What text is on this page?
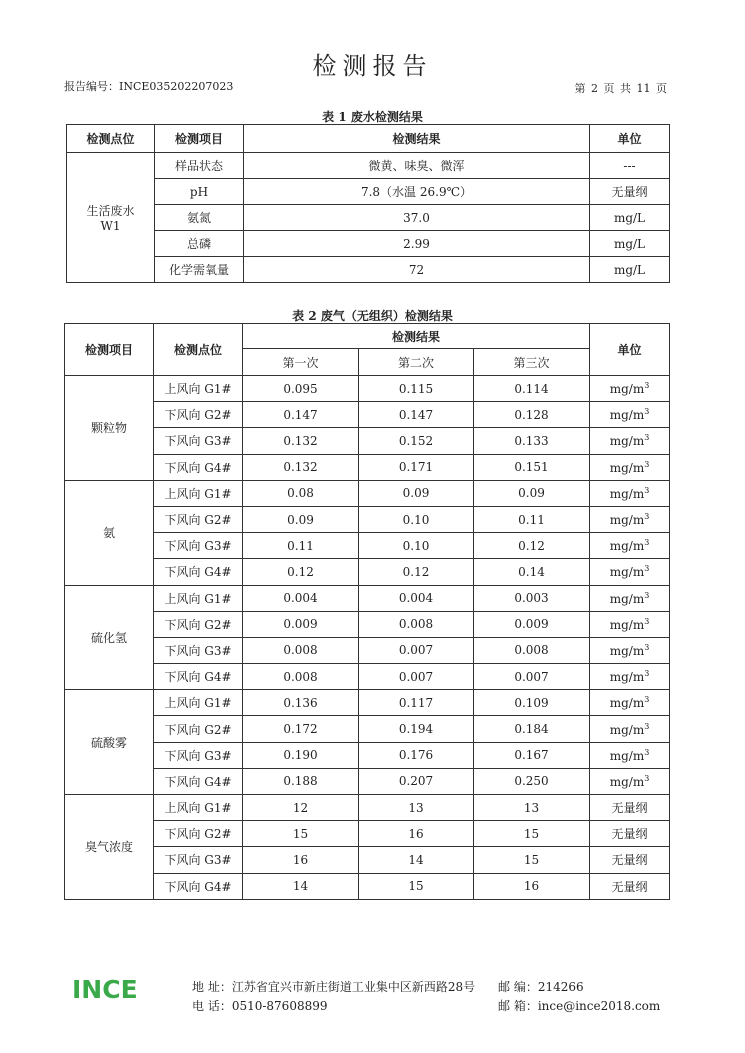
检测报告
报告编号：INCE035202207023	第 2 页 共 11 页
表 1 废水检测结果
检测点位	检测项目	检测结果	单位

生活废水
W1	样品状态	微黄、味臭、微浑	---
	pH	7.8（水温 26.9℃）	无量纲
	氨氮	37.0	mg/L
	总磷	2.99	mg/L
	化学需氧量	72	mg/L
表 2 废气（无组织）检测结果
检测项目	检测点位	检测结果			单位
		第一次	第二次	第三次	
颗粒物	上风向 G1#	0.095	0.115	0.114	$mg/m^3$
	下风向 G2#	0.147	0.147	0.128	$mg/m^3$
	下风向 G3#	0.132	0.152	0.133	$mg/m^3$
	下风向 G4#	0.132	0.171	0.151	$mg/m^3$
氨	上风向 G1#	0.08	0.09	0.09	$mg/m^3$
	下风向 G2#	0.09	0.10	0.11	$mg/m^3$
	下风向 G3#	0.11	0.10	0.12	$mg/m^3$
	下风向 G4#	0.12	0.12	0.14	$mg/m^3$
硫化氢	上风向 G1#	0.004	0.004	0.003	$mg/m^3$
	下风向 G2#	0.009	0.008	0.009	$mg/m^3$
	下风向 G3#	0.008	0.007	0.008	$mg/m^3$
	下风向 G4#	0.008	0.007	0.007	$mg/m^3$
硫酸雾	上风向 G1#	0.136	0.117	0.109	$mg/m^3$
	下风向 G2#	0.172	0.194	0.184	$mg/m^3$
	下风向 G3#	0.190	0.176	0.167	$mg/m^3$
	下风向 G4#	0.188	0.207	0.250	$mg/m^3$
臭气浓度	上风向 G1#	12	13	13	无量纲
	下风向 G2#	15	16	15	无量纲
	下风向 G3#	16	14	15	无量纲
	下风向 G4#	14	15	16	无量纲
INCE	地 址：江苏省宜兴市新庄街道工业集中区新西路28号 邮 编：214266
电 话：0510-87608899	邮 箱：ince@ince2018.com
